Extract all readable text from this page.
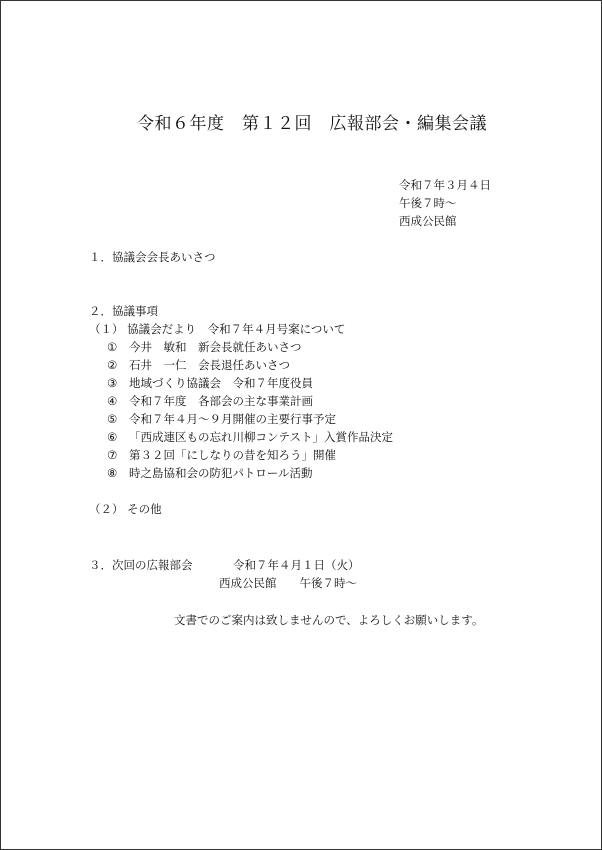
令和６年度　第１２回　広報部会・編集会議
令和７年３月４日
午後７時～
西成公民館
１．協議会会長あいさつ
２．協議事項
（１） 協議会だより　令和７年４月号案について
①	今井　敏和　新会長就任あいさつ
②	石井　一仁　会長退任あいさつ
③	地域づくり協議会　令和７年度役員
④	令和７年度　各部会の主な事業計画
⑤	令和７年４月～９月開催の主要行事予定
⑥	「西成連区もの忘れ川柳コンテスト」入賞作品決定
⑦	第３２回「にしなりの昔を知ろう」開催
⑧	時之島協和会の防犯パトロール活動
（２） その他
３．次回の広報部会	令和７年４月１日（火）
西成公民館　　午後７時～
文書でのご案内は致しませんので、よろしくお願いします。
